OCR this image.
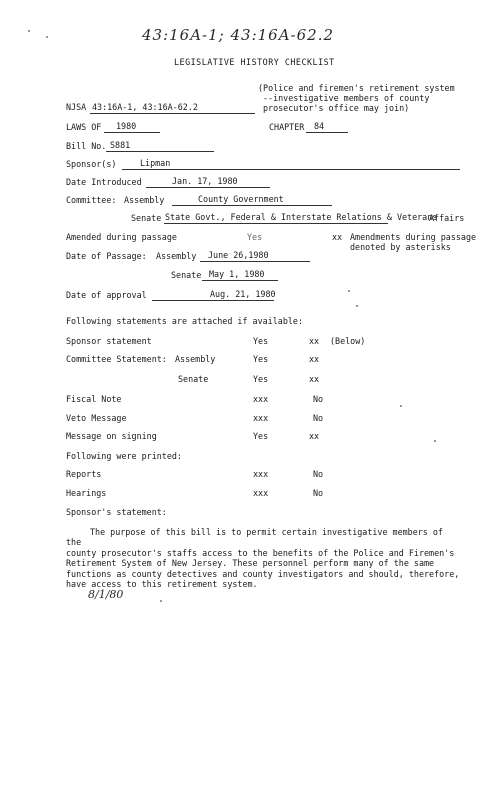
43:16A-1; 43:16A-62.2
LEGISLATIVE HISTORY CHECKLIST
(Police and firemen's retirement system
--investigative members of county
prosecutor's office may join)
NJSA 43:16A-1, 43:16A-62.2
LAWS OF 1980	CHAPTER 84
Bill No. S881
Sponsor(s)	Lipman
Date Introduced	Jan. 17, 1980
Committee: Assembly	County Government
Senate State Govt., Federal & Interstate Relations & Veterans
Affairs
Amended during passage	Yes	xx Amendments during passage
denoted by asterisks
Date of Passage: Assembly June 26,1980
Senate May 1, 1980
Date of approval	Aug. 21, 1980
Following statements are attached if available:
Sponsor statement	Yes	xx (Below)
Committee Statement: Assembly	Yes	xx
Senate	Yes	xx
Fiscal Note	xxx	No
Veto Message	xxx	No
Message on signing	Yes	xx
Following were printed:
Reports	xxx	No
Hearings	xxx	No
Sponsor's statement:
The purpose of this bill is to permit certain investigative members of the
county prosecutor's staffs access to the benefits of the Police and Firemen's
Retirement System of New Jersey. These personnel perform many of the same
functions as county detectives and county investigators and should, therefore,
have access to this retirement system.
8/1/80
